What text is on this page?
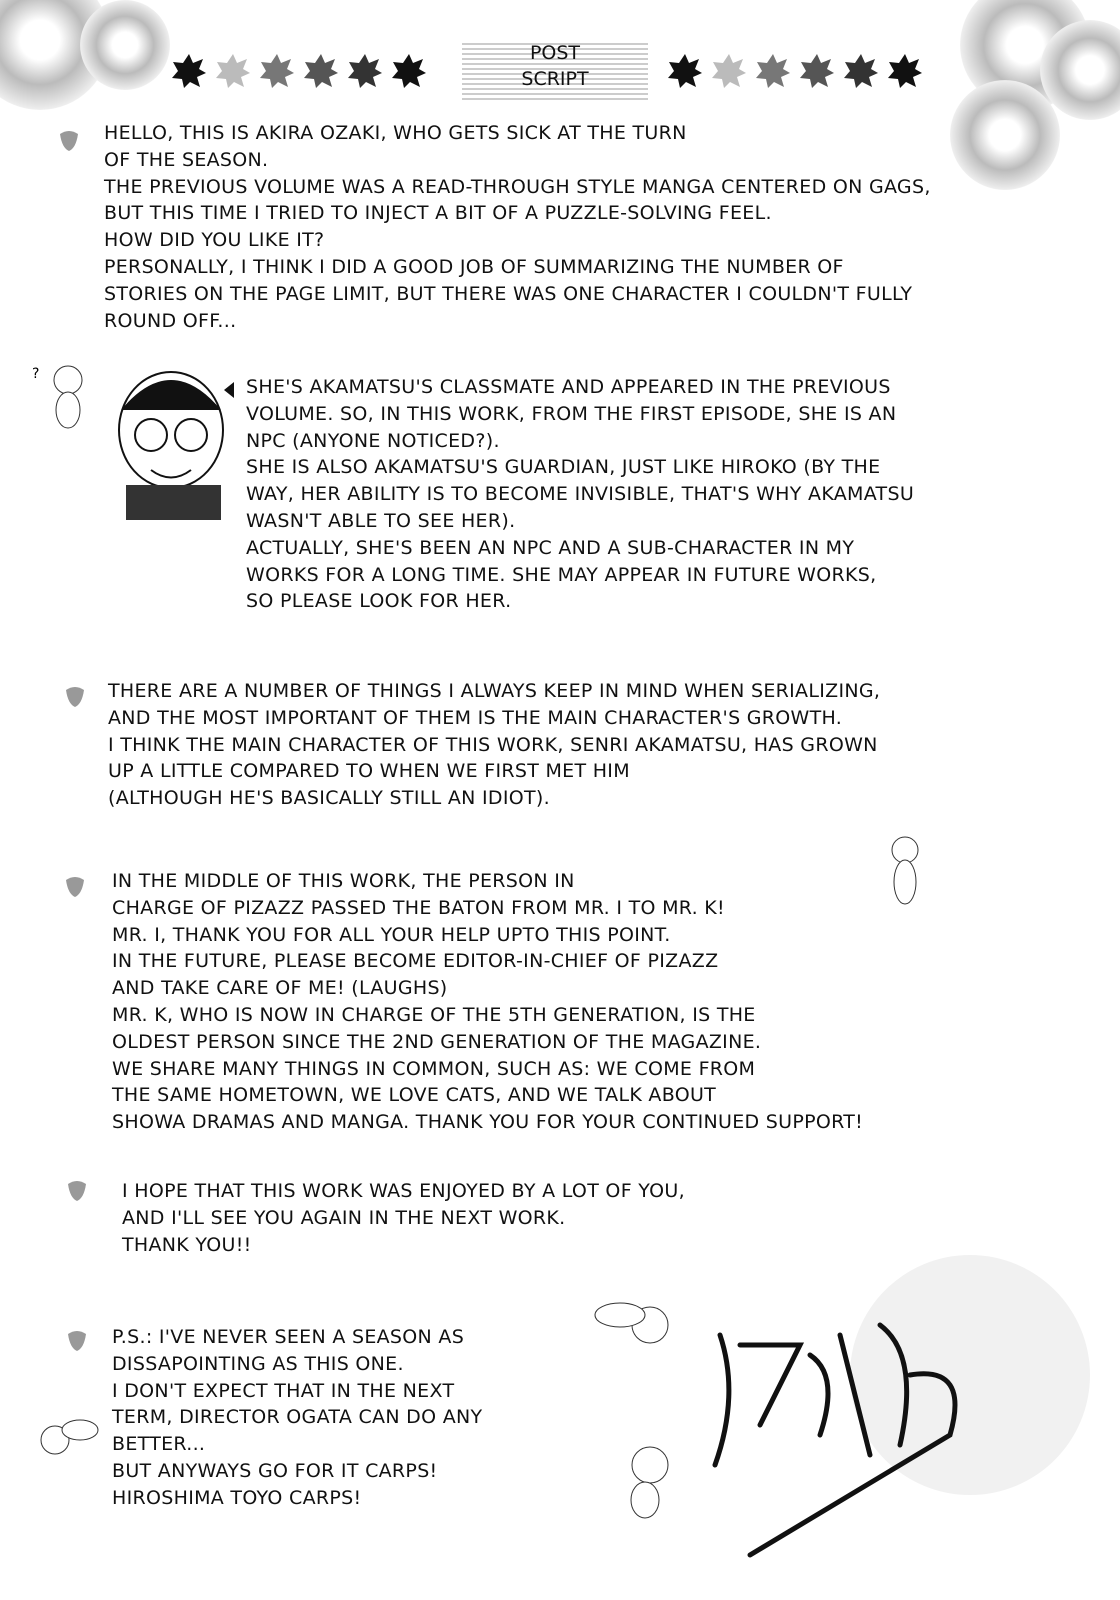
POST
SCRIPT
HELLO, THIS IS AKIRA OZAKI, WHO GETS SICK AT THE TURN
OF THE SEASON.
THE PREVIOUS VOLUME WAS A READ-THROUGH STYLE MANGA CENTERED ON GAGS,
BUT THIS TIME I TRIED TO INJECT A BIT OF A PUZZLE-SOLVING FEEL.
HOW DID YOU LIKE IT?
PERSONALLY, I THINK I DID A GOOD JOB OF SUMMARIZING THE NUMBER OF
STORIES ON THE PAGE LIMIT, BUT THERE WAS ONE CHARACTER I COULDN'T FULLY
ROUND OFF...
SHE'S AKAMATSU'S CLASSMATE AND APPEARED IN THE PREVIOUS
VOLUME. SO, IN THIS WORK, FROM THE FIRST EPISODE, SHE IS AN
NPC (ANYONE NOTICED?).
SHE IS ALSO AKAMATSU'S GUARDIAN, JUST LIKE HIROKO (BY THE
WAY, HER ABILITY IS TO BECOME INVISIBLE, THAT'S WHY AKAMATSU
WASN'T ABLE TO SEE HER).
ACTUALLY, SHE'S BEEN AN NPC AND A SUB-CHARACTER IN MY
WORKS FOR A LONG TIME. SHE MAY APPEAR IN FUTURE WORKS,
SO PLEASE LOOK FOR HER.
THERE ARE A NUMBER OF THINGS I ALWAYS KEEP IN MIND WHEN SERIALIZING,
AND THE MOST IMPORTANT OF THEM IS THE MAIN CHARACTER'S GROWTH.
I THINK THE MAIN CHARACTER OF THIS WORK, SENRI AKAMATSU, HAS GROWN
UP A LITTLE COMPARED TO WHEN WE FIRST MET HIM
(ALTHOUGH HE'S BASICALLY STILL AN IDIOT).
IN THE MIDDLE OF THIS WORK, THE PERSON IN
CHARGE OF PIZAZZ PASSED THE BATON FROM MR. I TO MR. K!
MR. I, THANK YOU FOR ALL YOUR HELP UPTO THIS POINT.
IN THE FUTURE, PLEASE BECOME EDITOR-IN-CHIEF OF PIZAZZ
AND TAKE CARE OF ME! (LAUGHS)
MR. K, WHO IS NOW IN CHARGE OF THE 5TH GENERATION, IS THE
OLDEST PERSON SINCE THE 2ND GENERATION OF THE MAGAZINE.
WE SHARE MANY THINGS IN COMMON, SUCH AS: WE COME FROM
THE SAME HOMETOWN, WE LOVE CATS, AND WE TALK ABOUT
SHOWA DRAMAS AND MANGA. THANK YOU FOR YOUR CONTINUED SUPPORT!
I HOPE THAT THIS WORK WAS ENJOYED BY A LOT OF YOU,
AND I'LL SEE YOU AGAIN IN THE NEXT WORK.
THANK YOU!!
P.S.: I'VE NEVER SEEN A SEASON AS
DISSAPOINTING AS THIS ONE.
I DON'T EXPECT THAT IN THE NEXT
TERM, DIRECTOR OGATA CAN DO ANY
BETTER...
BUT ANYWAYS GO FOR IT CARPS!
HIROSHIMA TOYO CARPS!
?
